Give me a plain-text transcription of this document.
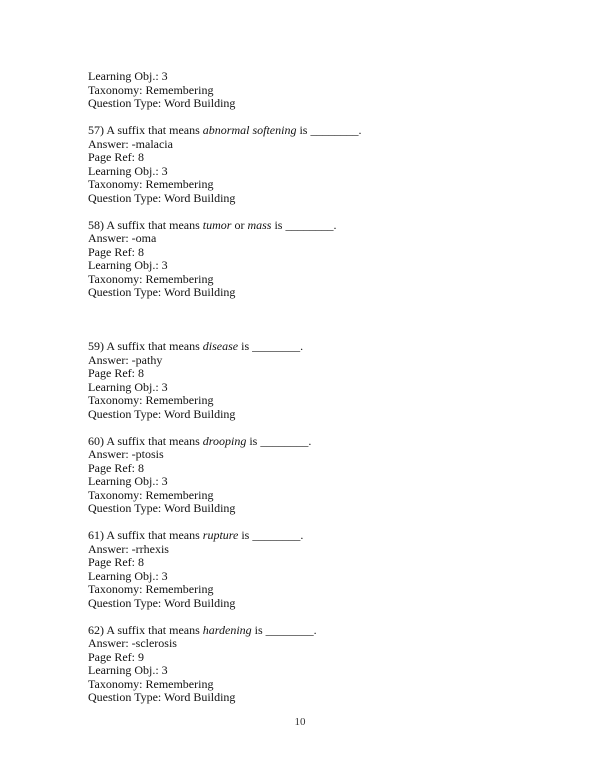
Learning Obj.: 3
Taxonomy: Remembering
Question Type: Word Building
57) A suffix that means abnormal softening is ________.
Answer: -malacia
Page Ref: 8
Learning Obj.: 3
Taxonomy: Remembering
Question Type: Word Building
58) A suffix that means tumor or mass is ________.
Answer: -oma
Page Ref: 8
Learning Obj.: 3
Taxonomy: Remembering
Question Type: Word Building
59) A suffix that means disease is ________.
Answer: -pathy
Page Ref: 8
Learning Obj.: 3
Taxonomy: Remembering
Question Type: Word Building
60) A suffix that means drooping is ________.
Answer: -ptosis
Page Ref: 8
Learning Obj.: 3
Taxonomy: Remembering
Question Type: Word Building
61) A suffix that means rupture is ________.
Answer: -rrhexis
Page Ref: 8
Learning Obj.: 3
Taxonomy: Remembering
Question Type: Word Building
62) A suffix that means hardening is ________.
Answer: -sclerosis
Page Ref: 9
Learning Obj.: 3
Taxonomy: Remembering
Question Type: Word Building
10
